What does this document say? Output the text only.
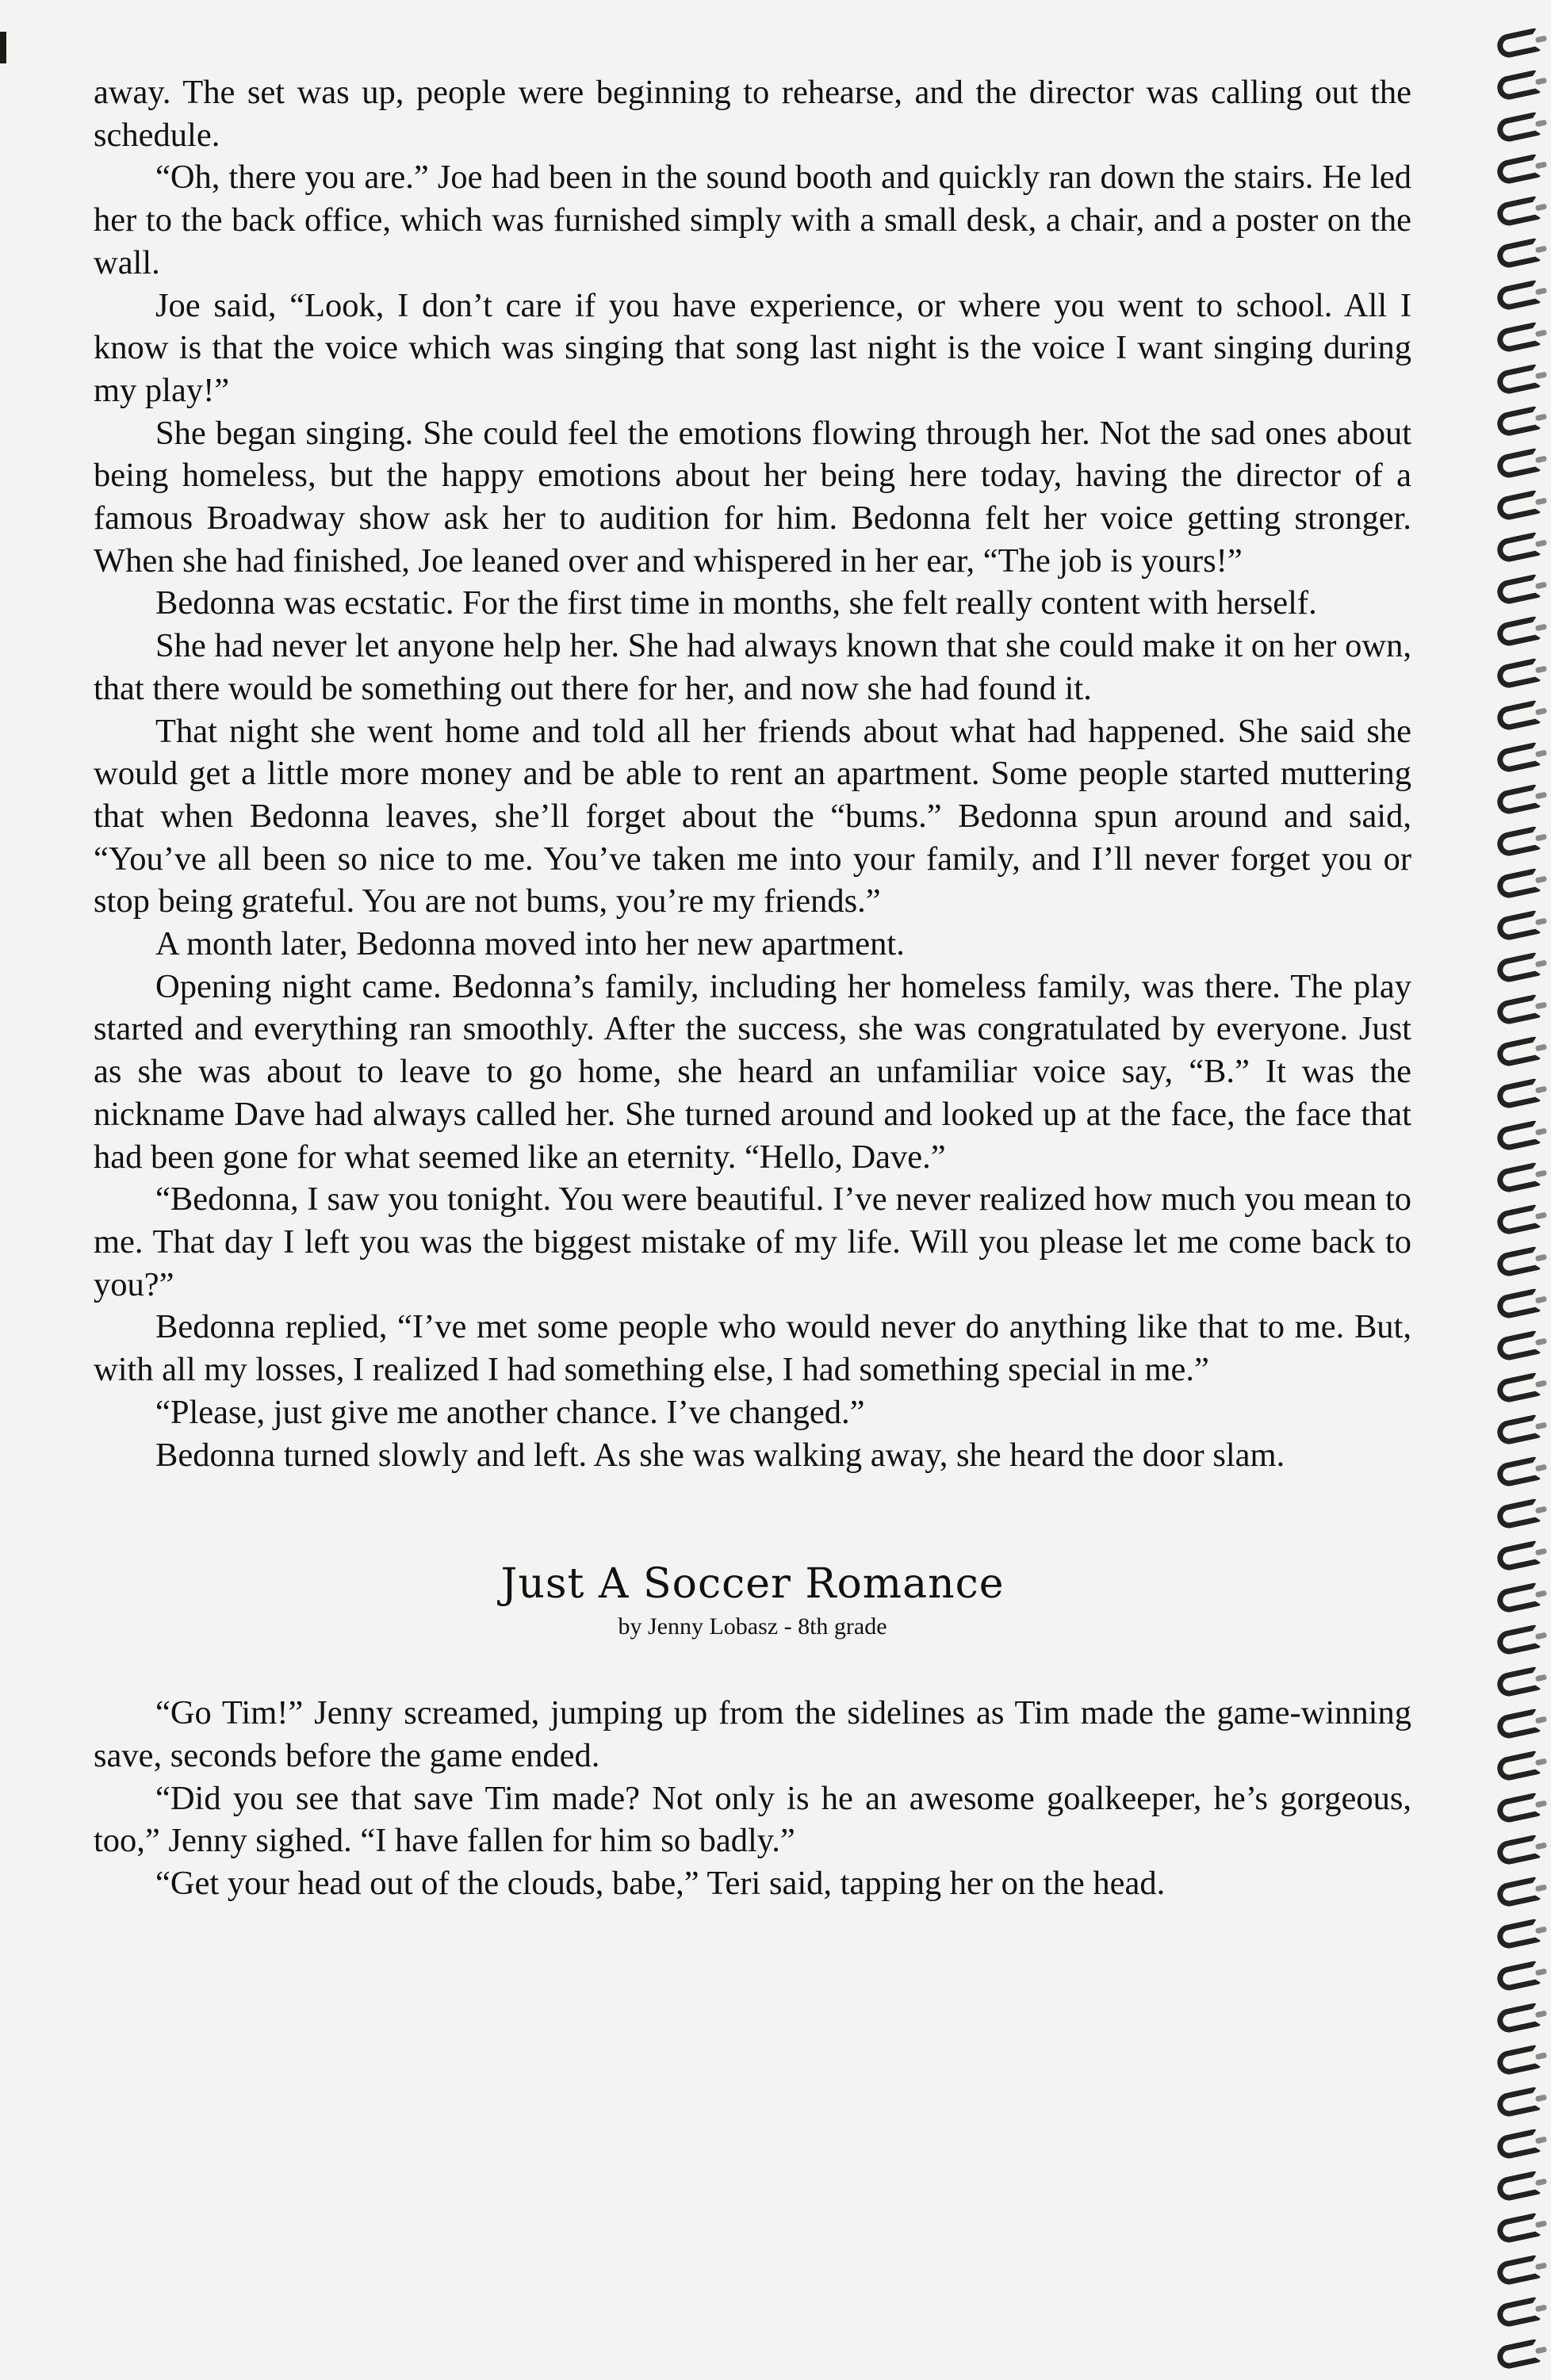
away. The set was up, people were beginning to rehearse, and the director was calling out the schedule.

“Oh, there you are.” Joe had been in the sound booth and quickly ran down the stairs. He led her to the back office, which was furnished simply with a small desk, a chair, and a poster on the wall.

Joe said, “Look, I don’t care if you have experience, or where you went to school. All I know is that the voice which was singing that song last night is the voice I want singing during my play!”

She began singing. She could feel the emotions flowing through her. Not the sad ones about being homeless, but the happy emotions about her being here today, having the director of a famous Broadway show ask her to audition for him. Bedonna felt her voice getting stronger. When she had finished, Joe leaned over and whispered in her ear, “The job is yours!”

Bedonna was ecstatic. For the first time in months, she felt really content with herself.

She had never let anyone help her. She had always known that she could make it on her own, that there would be something out there for her, and now she had found it.

That night she went home and told all her friends about what had happened. She said she would get a little more money and be able to rent an apartment. Some people started muttering that when Bedonna leaves, she’ll forget about the “bums.” Bedonna spun around and said, “You’ve all been so nice to me. You’ve taken me into your family, and I’ll never forget you or stop being grateful. You are not bums, you’re my friends.”

A month later, Bedonna moved into her new apartment.

Opening night came. Bedonna’s family, including her homeless family, was there. The play started and everything ran smoothly. After the success, she was congratulated by everyone. Just as she was about to leave to go home, she heard an unfamiliar voice say, “B.” It was the nickname Dave had always called her. She turned around and looked up at the face, the face that had been gone for what seemed like an eternity. “Hello, Dave.”

“Bedonna, I saw you tonight. You were beautiful. I’ve never realized how much you mean to me. That day I left you was the biggest mistake of my life. Will you please let me come back to you?”

Bedonna replied, “I’ve met some people who would never do anything like that to me. But, with all my losses, I realized I had something else, I had something special in me.”

“Please, just give me another chance. I’ve changed.”

Bedonna turned slowly and left. As she was walking away, she heard the door slam.

Just A Soccer Romance
by Jenny Lobasz - 8th grade

“Go Tim!” Jenny screamed, jumping up from the sidelines as Tim made the game-winning save, seconds before the game ended.

“Did you see that save Tim made? Not only is he an awesome goalkeeper, he’s gorgeous, too,” Jenny sighed. “I have fallen for him so badly.”

“Get your head out of the clouds, babe,” Teri said, tapping her on the head.
